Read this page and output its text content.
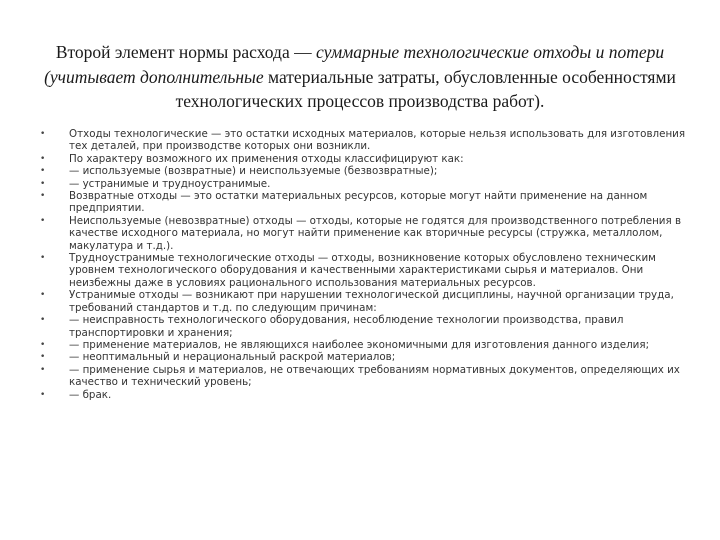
Второй элемент нормы расхода — суммарные технологические отходы и потери (учитывает дополнительные материальные затраты, обусловленные особенностями технологических процессов производства работ).
• Отходы технологические — это остатки исходных материалов, которые нельзя использовать для изготовления тех деталей, при производстве которых они возникли.
• По характеру возможного их применения отходы классифицируют как:
• — используемые (возвратные) и неиспользуемые (безвозвратные);
• — устранимые и трудноустранимые.
• Возвратные отходы — это остатки материальных ресурсов, которые могут найти применение на данном предприятии.
• Неиспользуемые (невозвратные) отходы — отходы, которые не годятся для производственного потребления в качестве исходного материала, но могут найти применение как вторичные ресурсы (стружка, металлолом, макулатура и т.д.).
• Трудноустранимые технологические отходы — отходы, возникновение которых обусловлено техническим уровнем технологического оборудования и качественными характеристиками сырья и материалов. Они неизбежны даже в условиях рационального использования материальных ресурсов.
• Устранимые отходы — возникают при нарушении технологической дисциплины, научной организации труда, требований стандартов и т.д. по следующим причинам:
• — неисправность технологического оборудования, несоблюдение технологии производства, правил транспортировки и хранения;
• — применение материалов, не являющихся наиболее экономичными для изготовления данного изделия;
• — неоптимальный и нерациональный раскрой материалов;
• — применение сырья и материалов, не отвечающих требованиям нормативных документов, определяющих их качество и технический уровень;
• — брак.
